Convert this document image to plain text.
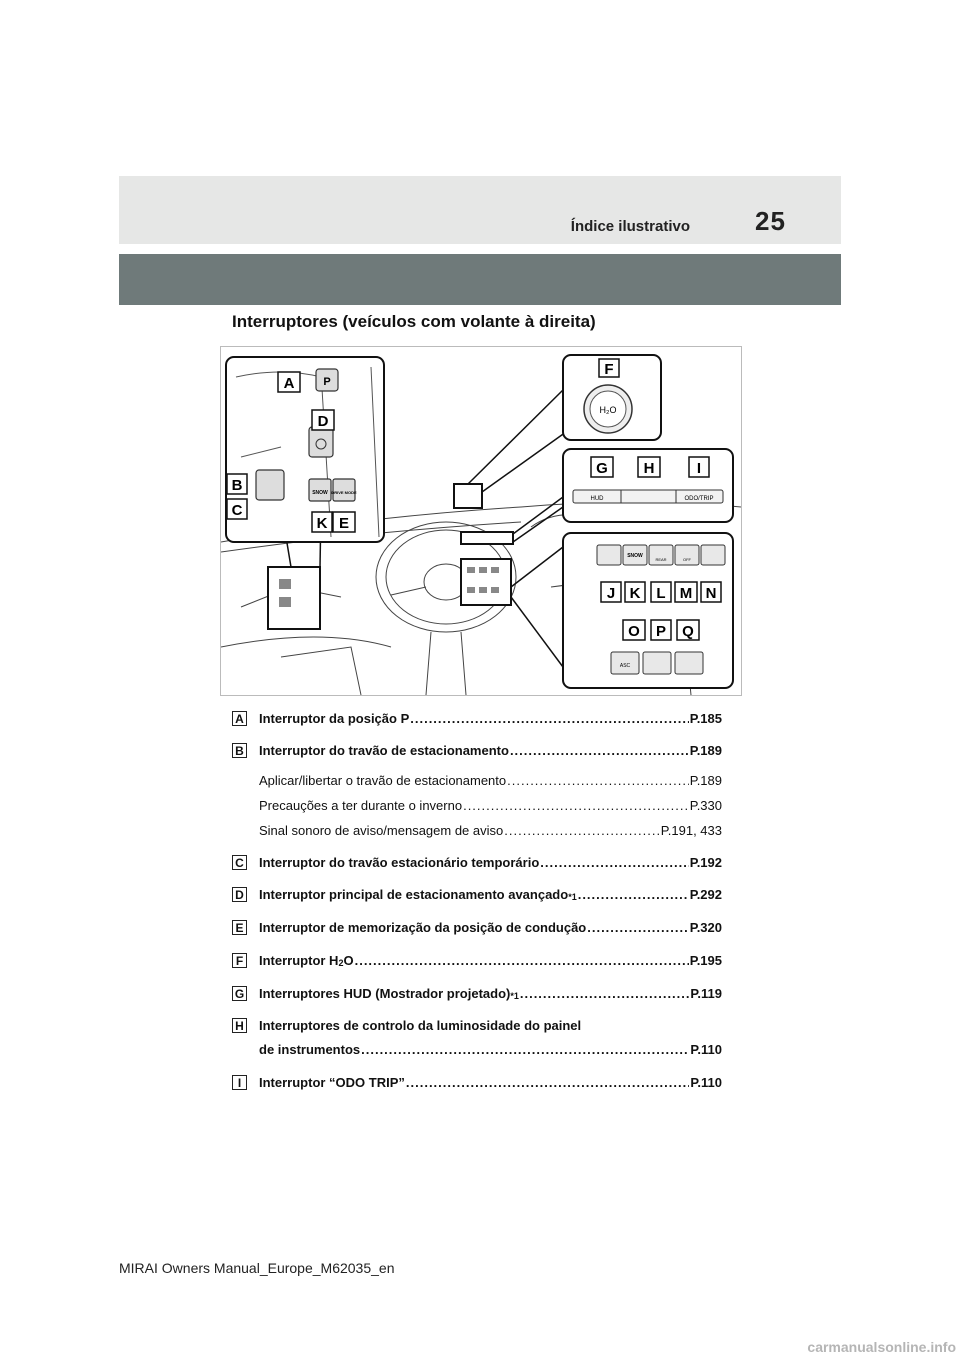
Índice ilustrativo	25
Interruptores (veículos com volante à direita)
P
SNOW DRIVE MODE
H₂O
HUD	ODO/TRIP
SNOW
REAR	OFF
ASC
A
B
C
D
E
F
G H	I
J K L M N
O P Q
K
A Interruptor da posição P .....	P.185
B Interruptor do travão de estacionamento .....	P.189
Aplicar/libertar o travão de estacionamento .....	P.189
Precauções a ter durante o inverno .....	P.330
Sinal sonoro de aviso/mensagem de aviso .....	P.191, 433
C Interruptor do travão estacionário temporário .....	P.192
D Interruptor principal de estacionamento avançado *1 .....	P.292
E Interruptor de memorização da posição de condução .....	P.320
F Interruptor H 2 O .....	P.195
G Interruptores HUD (Mostrador projetado) *1 .....	P.119
H Interruptores de controlo da luminosidade do painel
de instrumentos .....	P.110
I	Interruptor “ODO TRIP” .....	P.110
MIRAI Owners Manual_Europe_M62035_en
carmanualsonline.info
